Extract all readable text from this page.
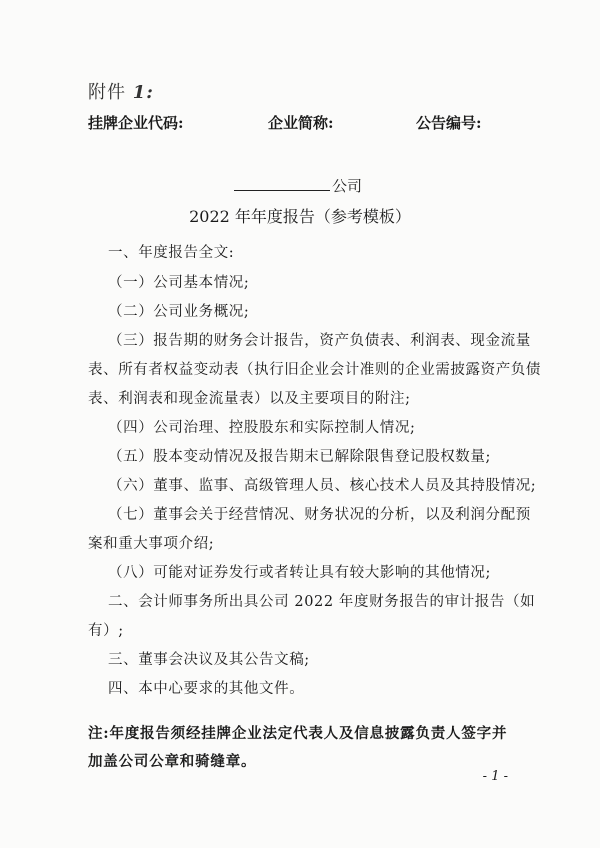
附件 1:
挂牌企业代码:	企业简称:	公告编号:
公司
2022 年年度报告（参考模板）
一、年度报告全文:
（一）公司基本情况;
（二）公司业务概况;
（三）报告期的财务会计报告，资产负债表、利润表、现金流量
表、所有者权益变动表（执行旧企业会计准则的企业需披露资产负债
表、利润表和现金流量表）以及主要项目的附注;
（四）公司治理、控股股东和实际控制人情况;
（五）股本变动情况及报告期末已解除限售登记股权数量;
（六）董事、监事、高级管理人员、核心技术人员及其持股情况;
（七）董事会关于经营情况、财务状况的分析，以及利润分配预
案和重大事项介绍;
（八）可能对证券发行或者转让具有较大影响的其他情况;
二、会计师事务所出具公司 2022 年度财务报告的审计报告（如
有）;
三、董事会决议及其公告文稿;
四、本中心要求的其他文件。
注:年度报告须经挂牌企业法定代表人及信息披露负责人签字并
加盖公司公章和骑缝章。
- 1 -
